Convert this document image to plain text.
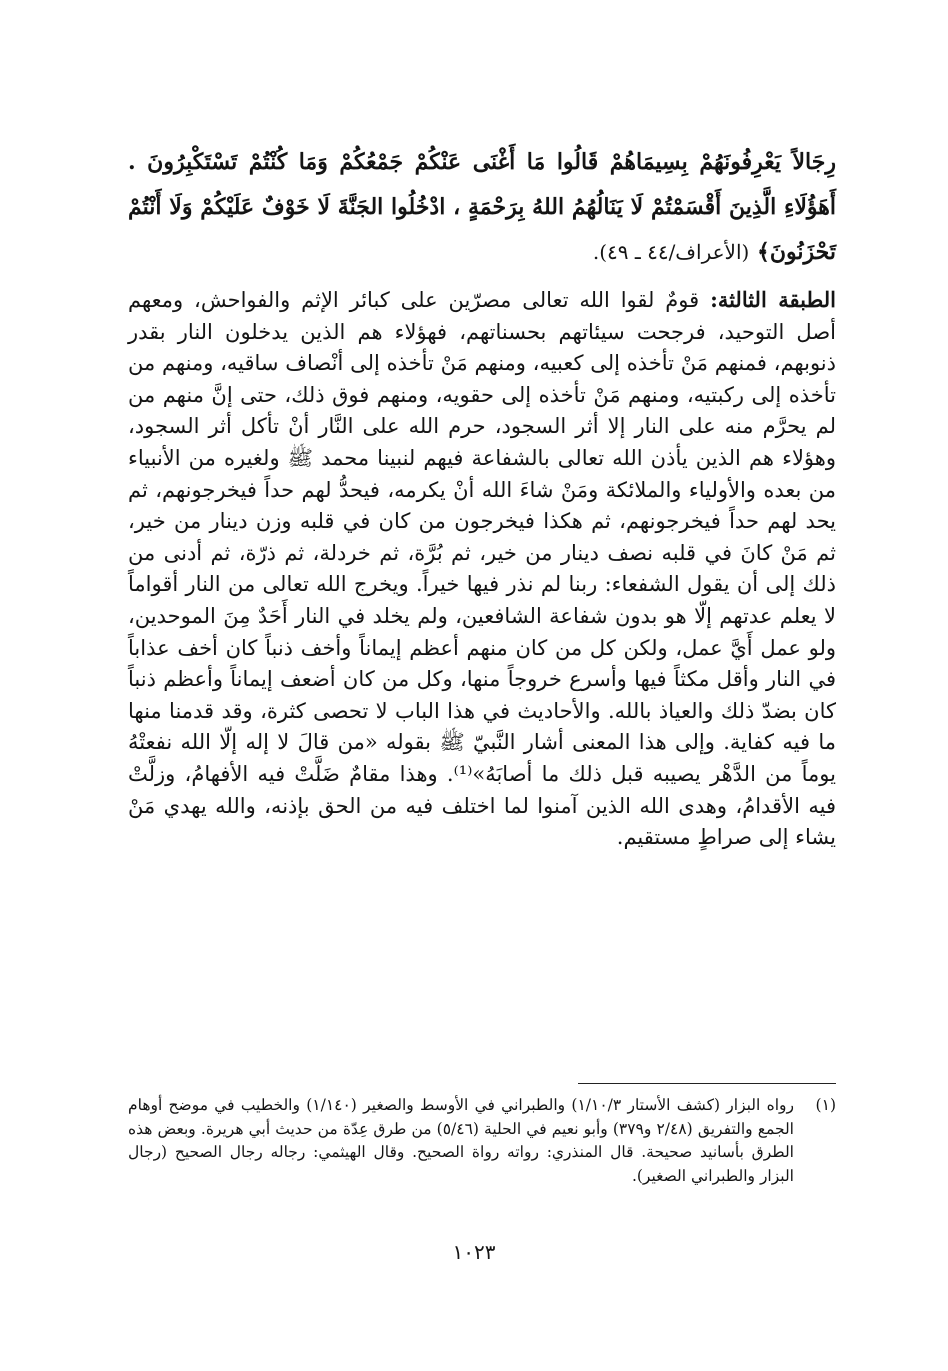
رِجَالاً يَعْرِفُونَهُمْ بِسِيمَاهُمْ قَالُوا مَا أَغْنَى عَنْكُمْ جَمْعُكُمْ وَمَا كُنْتُمْ تَسْتَكْبِرُونَ . أَهَؤُلَاءِ الَّذِينَ أَقْسَمْتُمْ لَا يَنَالُهُمُ اللهُ بِرَحْمَةٍ ، ادْخُلُوا الجَنَّةَ لَا خَوْفٌ عَلَيْكُمْ وَلَا أَنْتُمْ تَحْزَنُونَ﴾ (الأعراف/٤٤ ـ ٤٩).

الطبقة الثالثة: قومٌ لقوا الله تعالى مصرّين على كبائر الإثم والفواحش، ومعهم أصل التوحيد، فرجحت سيئاتهم بحسناتهم، فهؤلاء هم الذين يدخلون النار بقدر ذنوبهم، فمنهم مَنْ تأخذه إلى كعبيه، ومنهم مَنْ تأخذه إلى أنْصاف ساقيه، ومنهم من تأخذه إلى ركبتيه، ومنهم مَنْ تأخذه إلى حقويه، ومنهم فوق ذلك، حتى إنَّ منهم من لم يحرَّم منه على النار إلا أثر السجود، حرم الله على النَّار أنْ تأكل أثر السجود، وهؤلاء هم الذين يأذن الله تعالى بالشفاعة فيهم لنبينا محمد ﷺ ولغيره من الأنبياء من بعده والأولياء والملائكة ومَنْ شاءَ الله أنْ يكرمه، فيحدُّ لهم حداً فيخرجونهم، ثم يحد لهم حداً فيخرجونهم، ثم هكذا فيخرجون من كان في قلبه وزن دينار من خير، ثم مَنْ كانَ في قلبه نصف دينار من خير، ثم بُرَّة، ثم خردلة، ثم ذرّة، ثم أدنى من ذلك إلى أن يقول الشفعاء: ربنا لم نذر فيها خيراً. ويخرج الله تعالى من النار أقواماً لا يعلم عدتهم إلّا هو بدون شفاعة الشافعين، ولم يخلد في النار أَحَدٌ مِنَ الموحدين، ولو عمل أَيَّ عمل، ولكن كل من كان منهم أعظم إيماناً وأخف ذنباً كان أخف عذاباً في النار وأقل مكثاً فيها وأسرع خروجاً منها، وكل من كان أضعف إيماناً وأعظم ذنباً كان بضدّ ذلك والعياذ بالله. والأحاديث في هذا الباب لا تحصى كثرة، وقد قدمنا منها ما فيه كفاية. وإلى هذا المعنى أشار النَّبيّ ﷺ بقوله «من قالَ لا إله إلّا الله نفعتْهُ يوماً من الدَّهْر يصيبه قبل ذلك ما أصابَهُ»⁽¹⁾. وهذا مقامٌ ضَلَّتْ فيه الأفهامُ، وزلَّتْ فيه الأقدامُ، وهدى الله الذين آمنوا لما اختلف فيه من الحق بإذنه، والله يهدي مَنْ يشاء إلى صراطٍ مستقيم.

(١)
رواه البزار (كشف الأستار ١/١٠/٣) والطبراني في الأوسط والصغير (١/١٤٠) والخطيب في موضح أوهام الجمع والتفريق (٢/٤٨ و٣٧٩) وأبو نعيم في الحلية (٥/٤٦) من طرق عِدّة من حديث أبي هريرة. وبعض هذه الطرق بأسانيد صحيحة. قال المنذري: رواته رواة الصحيح. وقال الهيثمي: رجاله رجال الصحيح (رجال البزار والطبراني الصغير).
١٠٢٣
